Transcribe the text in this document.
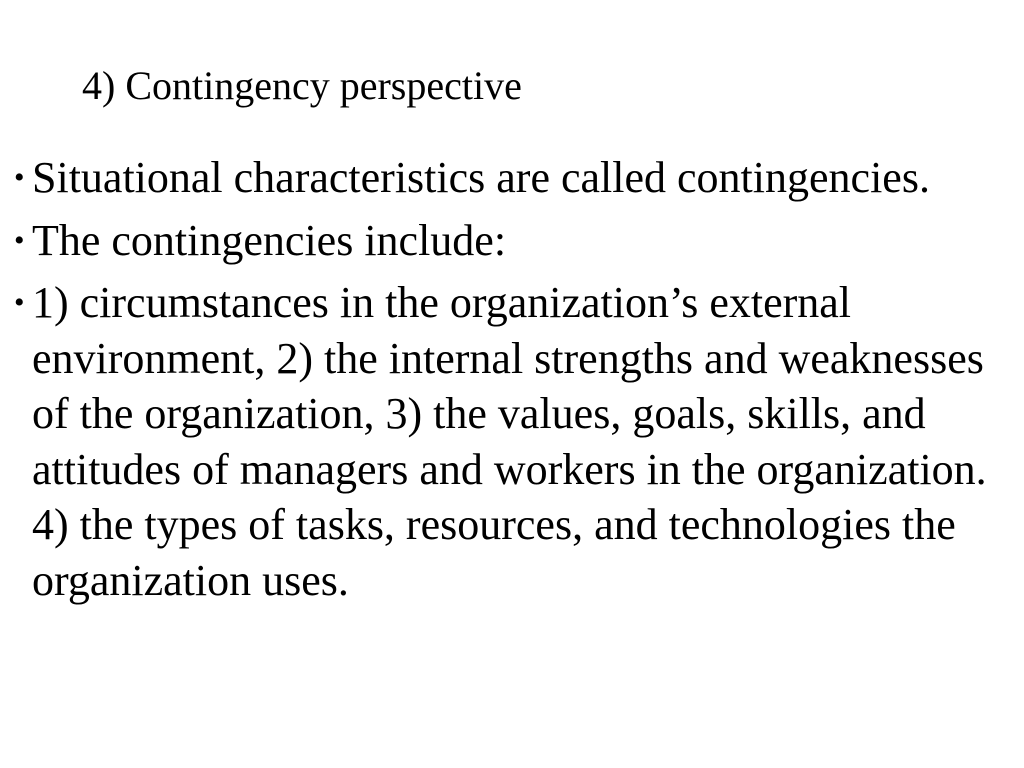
4) Contingency perspective
• Situational characteristics are called contingencies.
• The contingencies include:
• 1) circumstances in the organization’s external environment, 2) the internal strengths and weaknesses of the organization, 3) the values, goals, skills, and attitudes of managers and workers in the organization. 4) the types of tasks, resources, and technologies the organization uses.
